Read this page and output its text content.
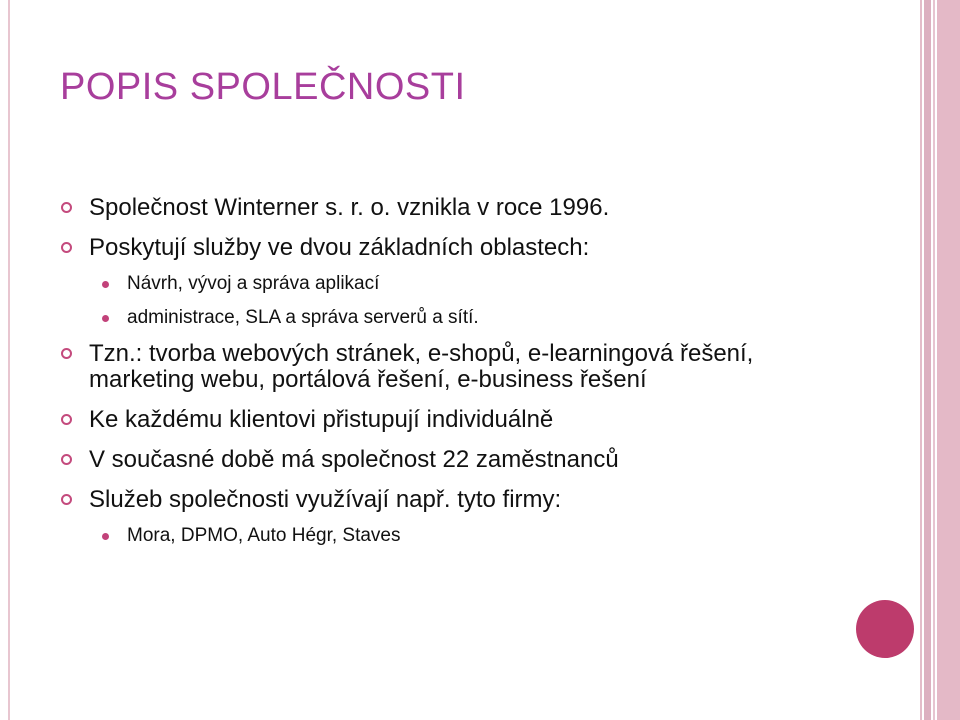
POPIS SPOLEČNOSTI
Společnost Winterner s. r. o. vznikla v roce 1996.
Poskytují služby ve dvou základních oblastech:
Návrh, vývoj a správa aplikací
administrace, SLA a správa serverů a sítí.
Tzn.: tvorba webových stránek, e-shopů, e-learningová řešení, marketing webu, portálová řešení, e-business řešení
Ke každému klientovi přistupují individuálně
V současné době má společnost 22 zaměstnanců
Služeb společnosti využívají např. tyto firmy:
Mora, DPMO, Auto Hégr, Staves
